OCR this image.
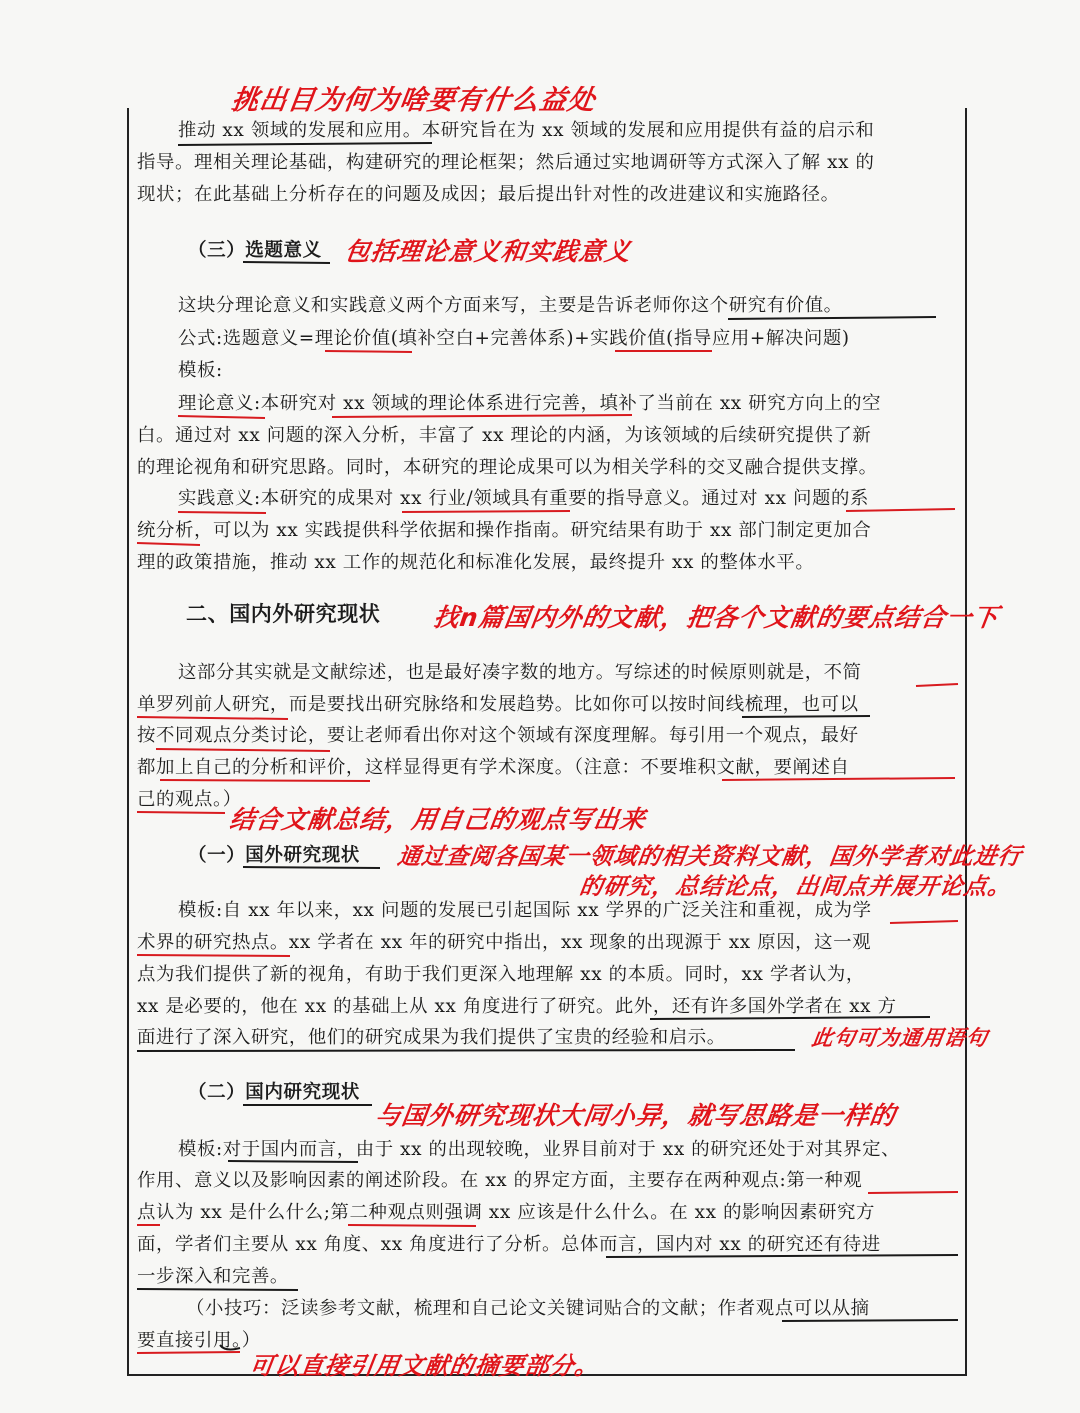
挑出目为何为啥要有什么益处
推动 xx 领域的发展和应用。本研究旨在为 xx 领域的发展和应用提供有益的启示和
指导。理相关理论基础，构建研究的理论框架；然后通过实地调研等方式深入了解 xx 的
现状；在此基础上分析存在的问题及成因；最后提出针对性的改进建议和实施路径。
（三）选题意义 包括理论意义和实践意义
这块分理论意义和实践意义两个方面来写，主要是告诉老师你这个研究有价值。
公式:选题意义=理论价值(填补空白+完善体系)+实践价值(指导应用+解决问题)
模板:
理论意义:本研究对 xx 领域的理论体系进行完善，填补了当前在 xx 研究方向上的空
白。通过对 xx 问题的深入分析，丰富了 xx 理论的内涵，为该领域的后续研究提供了新
的理论视角和研究思路。同时，本研究的理论成果可以为相关学科的交叉融合提供支撑。
实践意义:本研究的成果对 xx 行业/领域具有重要的指导意义。通过对 xx 问题的系
统分析，可以为 xx 实践提供科学依据和操作指南。研究结果有助于 xx 部门制定更加合
理的政策措施，推动 xx 工作的规范化和标准化发展，最终提升 xx 的整体水平。
二、国内外研究现状 找n篇国内外的文献，把各个文献的要点结合一下
这部分其实就是文献综述，也是最好凑字数的地方。写综述的时候原则就是，不简
单罗列前人研究，而是要找出研究脉络和发展趋势。比如你可以按时间线梳理，也可以
按不同观点分类讨论，要让老师看出你对这个领域有深度理解。每引用一个观点，最好
都加上自己的分析和评价，这样显得更有学术深度。（注意：不要堆积文献，要阐述自
己的观点。）
结合文献总结，用自己的观点写出来
（一）国外研究现状 通过查阅各国某一领域的相关资料文献，国外学者对此进行
的研究，总结论点，出间点并展开论点。
模板:自 xx 年以来，xx 问题的发展已引起国际 xx 学界的广泛关注和重视，成为学
术界的研究热点。xx 学者在 xx 年的研究中指出，xx 现象的出现源于 xx 原因，这一观
点为我们提供了新的视角，有助于我们更深入地理解 xx 的本质。同时，xx 学者认为，
xx 是必要的，他在 xx 的基础上从 xx 角度进行了研究。此外，还有许多国外学者在 xx 方
面进行了深入研究，他们的研究成果为我们提供了宝贵的经验和启示。	此句可为通用语句
（二）国内研究现状
与国外研究现状大同小异，就写思路是一样的
模板:对于国内而言，由于 xx 的出现较晚，业界目前对于 xx 的研究还处于对其界定、
作用、意义以及影响因素的阐述阶段。在 xx 的界定方面，主要存在两种观点:第一种观
点认为 xx 是什么什么;第二种观点则强调 xx 应该是什么什么。在 xx 的影响因素研究方
面，学者们主要从 xx 角度、xx 角度进行了分析。总体而言，国内对 xx 的研究还有待进
一步深入和完善。
（小技巧：泛读参考文献，梳理和自己论文关键词贴合的文献；作者观点可以从摘
要直接引用。）
可以直接引用文献的摘要部分。
